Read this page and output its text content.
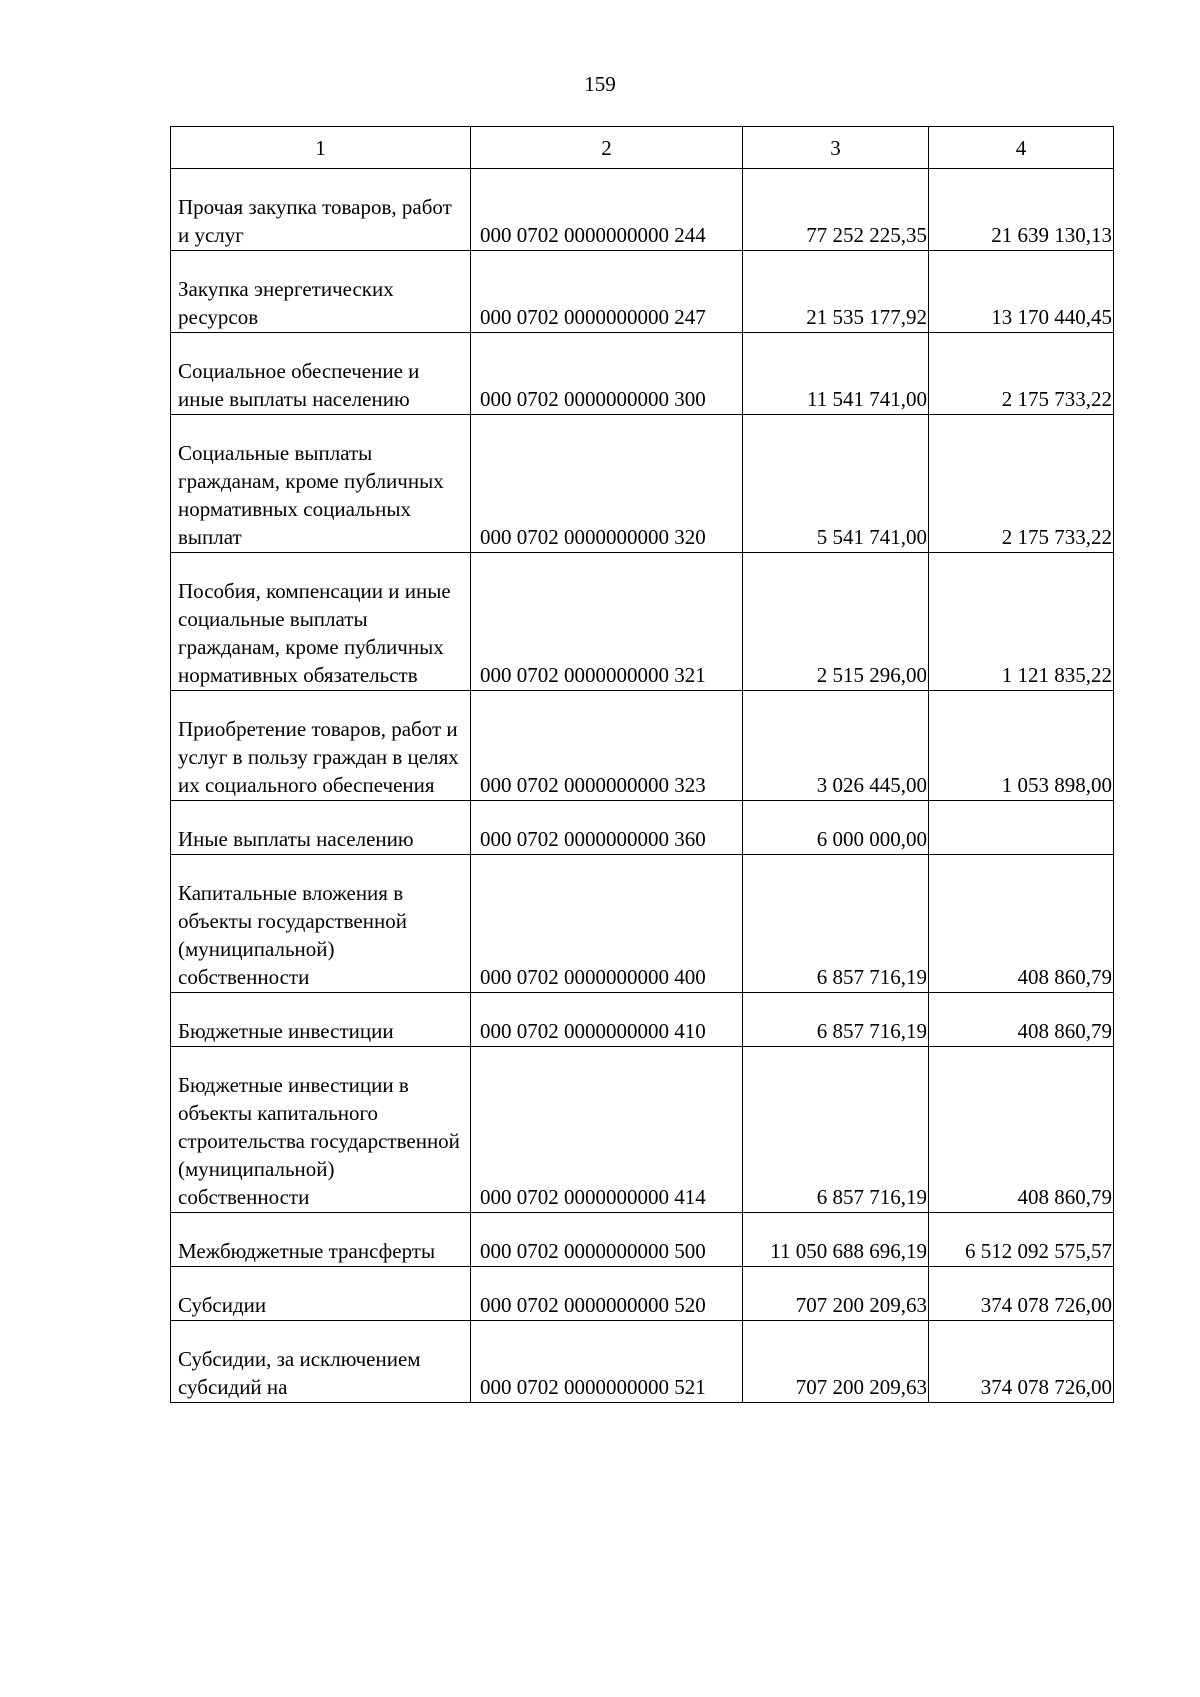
159
1	2	3	4
Прочая закупка товаров, работ и услуг	000 0702 0000000000 244	77 252 225,35	21 639 130,13
Закупка энергетических ресурсов	000 0702 0000000000 247	21 535 177,92	13 170 440,45
Социальное обеспечение и иные выплаты населению	000 0702 0000000000 300	11 541 741,00	2 175 733,22
Социальные выплаты гражданам, кроме публичных нормативных социальных выплат	000 0702 0000000000 320	5 541 741,00	2 175 733,22
Пособия, компенсации и иные социальные выплаты гражданам, кроме публичных нормативных обязательств	000 0702 0000000000 321	2 515 296,00	1 121 835,22
Приобретение товаров, работ и услуг в пользу граждан в целях их социального обеспечения	000 0702 0000000000 323	3 026 445,00	1 053 898,00
Иные выплаты населению	000 0702 0000000000 360	6 000 000,00	
Капитальные вложения в объекты государственной (муниципальной) собственности	000 0702 0000000000 400	6 857 716,19	408 860,79
Бюджетные инвестиции	000 0702 0000000000 410	6 857 716,19	408 860,79
Бюджетные инвестиции в объекты капитального строительства государственной (муниципальной) собственности	000 0702 0000000000 414	6 857 716,19	408 860,79
Межбюджетные трансферты	000 0702 0000000000 500	11 050 688 696,19	6 512 092 575,57
Субсидии	000 0702 0000000000 520	707 200 209,63	374 078 726,00
Субсидии, за исключением субсидий на	000 0702 0000000000 521	707 200 209,63	374 078 726,00
